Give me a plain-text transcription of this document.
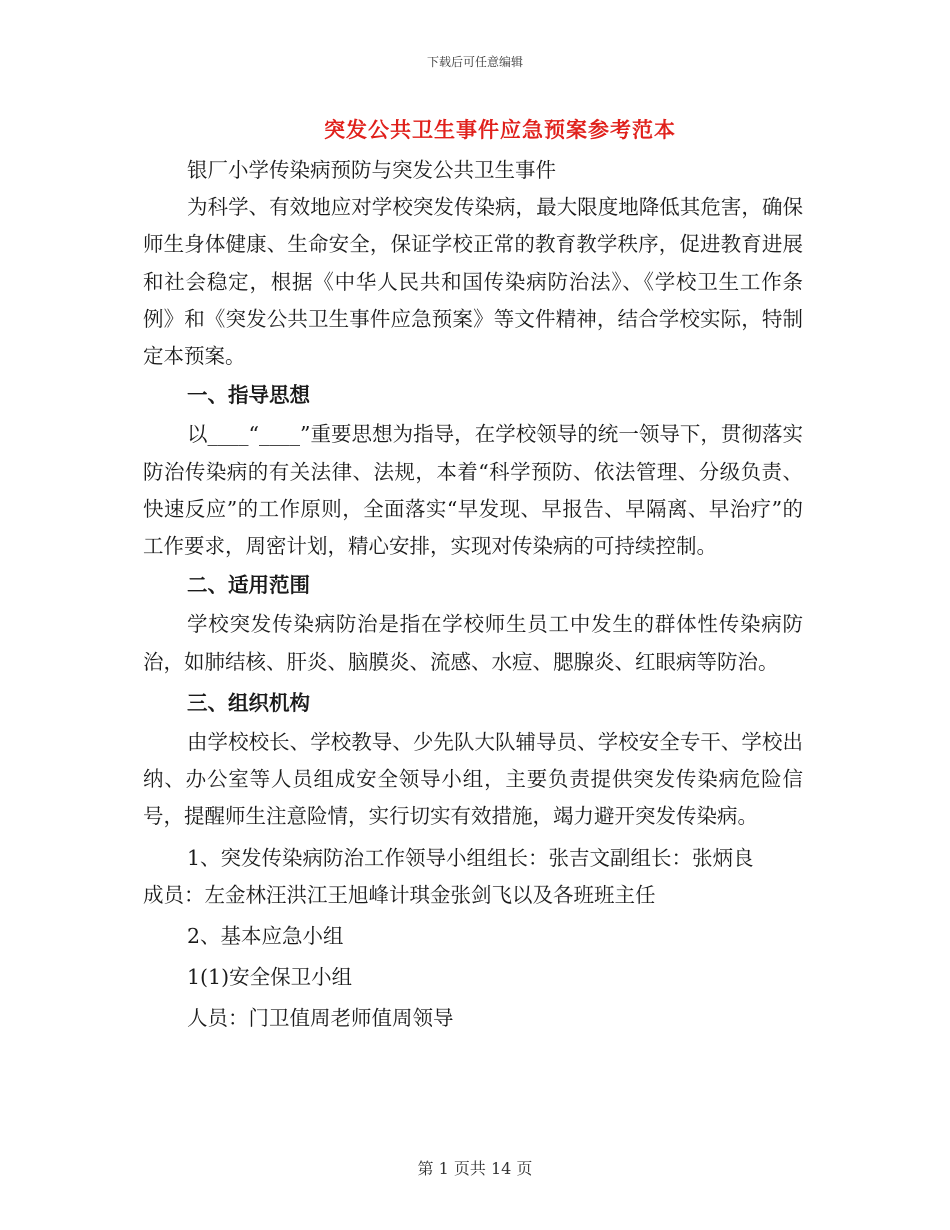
下载后可任意编辑
突发公共卫生事件应急预案参考范本

银厂小学传染病预防与突发公共卫生事件

为科学、有效地应对学校突发传染病，最大限度地降低其危害，确保师生身体健康、生命安全，保证学校正常的教育教学秩序，促进教育进展和社会稳定，根据《中华人民共和国传染病防治法》、《学校卫生工作条例》和《突发公共卫生事件应急预案》等文件精神，结合学校实际，特制定本预案。

一、指导思想

以____“____”重要思想为指导，在学校领导的统一领导下，贯彻落实防治传染病的有关法律、法规，本着“科学预防、依法管理、分级负责、快速反应”的工作原则，全面落实“早发现、早报告、早隔离、早治疗”的工作要求，周密计划，精心安排，实现对传染病的可持续控制。

二、适用范围

学校突发传染病防治是指在学校师生员工中发生的群体性传染病防治，如肺结核、肝炎、脑膜炎、流感、水痘、腮腺炎、红眼病等防治。

三、组织机构

由学校校长、学校教导、少先队大队辅导员、学校安全专干、学校出纳、办公室等人员组成安全领导小组，主要负责提供突发传染病危险信号，提醒师生注意险情，实行切实有效措施，竭力避开突发传染病。

1、突发传染病防治工作领导小组组长：张吉文副组长：张炳良

成员：左金林汪洪江王旭峰计琪金张剑飞以及各班班主任

2、基本应急小组

1(1)安全保卫小组

人员：门卫值周老师值周领导

第 1 页共 14 页
